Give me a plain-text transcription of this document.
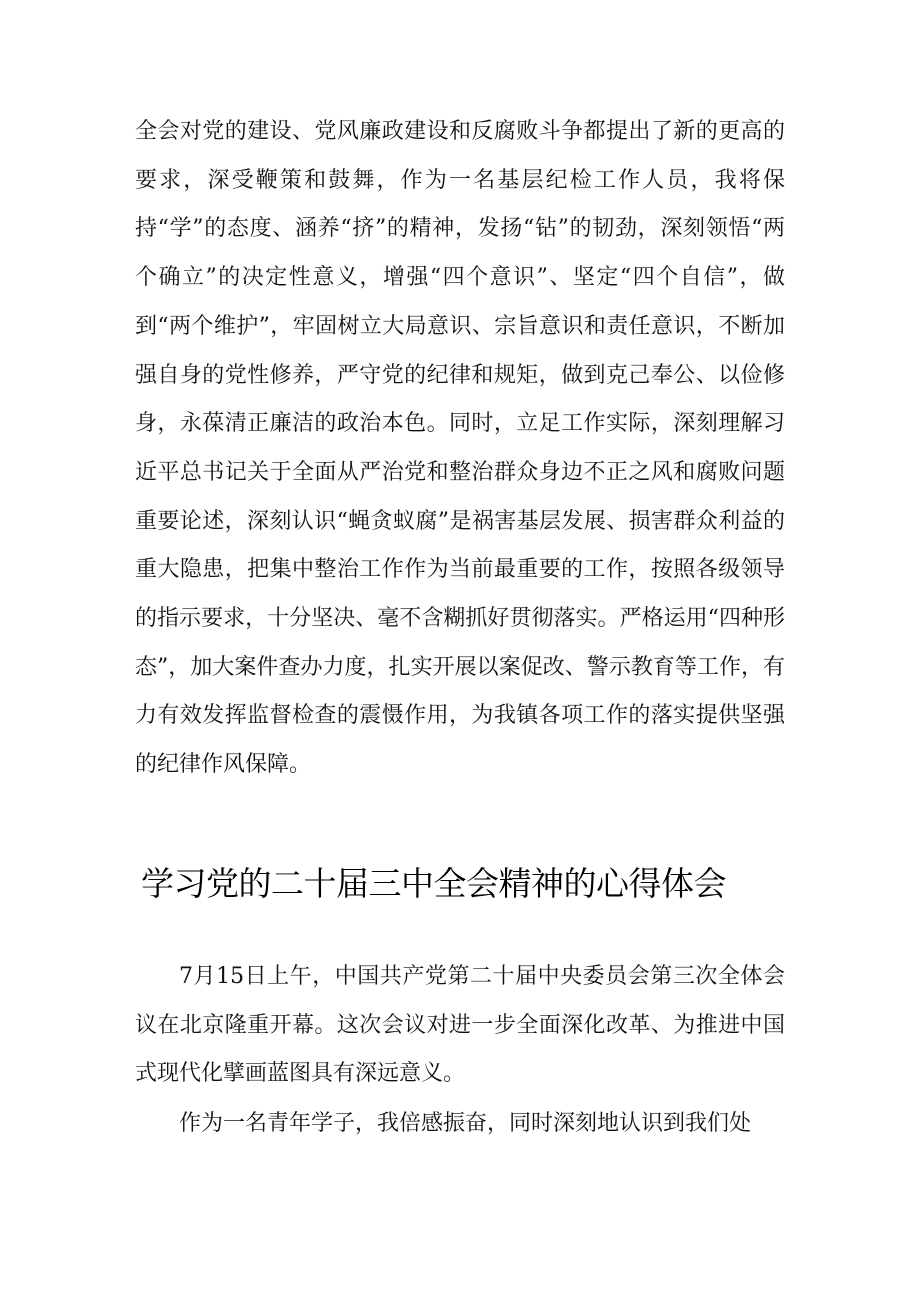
全会对党的建设、党风廉政建设和反腐败斗争都提出了新的更高的要求，深受鞭策和鼓舞，作为一名基层纪检工作人员，我将保持“学”的态度、涵养“挤”的精神，发扬“钻”的韧劲，深刻领悟“两个确立”的决定性意义，增强“四个意识”、坚定“四个自信”，做到“两个维护”，牢固树立大局意识、宗旨意识和责任意识，不断加强自身的党性修养，严守党的纪律和规矩，做到克己奉公、以俭修身，永葆清正廉洁的政治本色。同时，立足工作实际，深刻理解习近平总书记关于全面从严治党和整治群众身边不正之风和腐败问题重要论述，深刻认识“蝇贪蚁腐”是祸害基层发展、损害群众利益的重大隐患，把集中整治工作作为当前最重要的工作，按照各级领导的指示要求，十分坚决、毫不含糊抓好贯彻落实。严格运用“四种形态”，加大案件查办力度，扎实开展以案促改、警示教育等工作，有力有效发挥监督检查的震慑作用，为我镇各项工作的落实提供坚强的纪律作风保障。

学习党的二十届三中全会精神的心得体会

7月15日上午，中国共产党第二十届中央委员会第三次全体会议在北京隆重开幕。这次会议对进一步全面深化改革、为推进中国式现代化擘画蓝图具有深远意义。

作为一名青年学子，我倍感振奋，同时深刻地认识到我们处
